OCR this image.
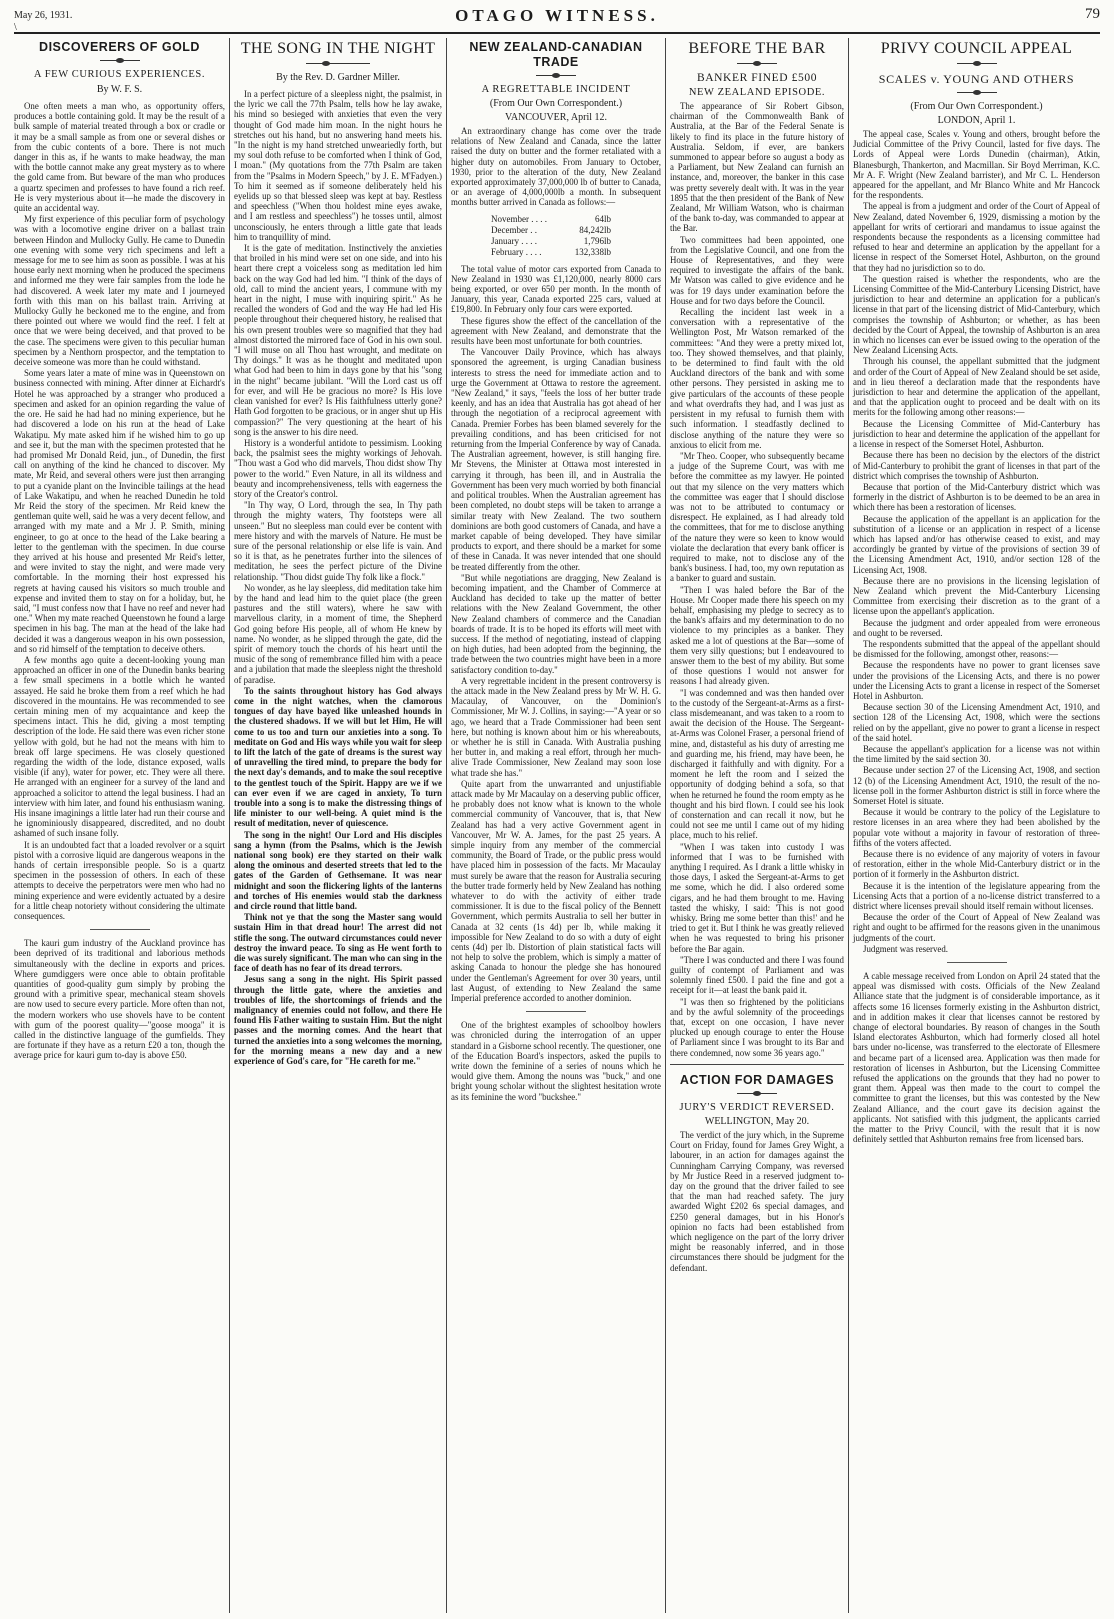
May 26, 1931.
\
OTAGO WITNESS.	79
DISCOVERERS OF GOLD
A FEW CURIOUS EXPERIENCES.
By W. F. S.

One often meets a man who, as opportunity offers, produces a bottle containing gold. It may be the result of a bulk sample of material treated through a box or cradle or it may be a small sample as from one or several dishes or from the cubic contents of a bore. There is not much danger in this as, if he wants to make headway, the man with the bottle cannot make any great mystery as to where the gold came from. But beware of the man who produces a quartz specimen and professes to have found a rich reef. He is very mysterious about it—he made the discovery in quite an accidental way.

My first experience of this peculiar form of psychology was with a locomotive engine driver on a ballast train between Hindon and Mullocky Gully. He came to Dunedin one evening with some very rich specimens and left a message for me to see him as soon as possible. I was at his house early next morning when he produced the specimens and informed me they were fair samples from the lode he had discovered. A week later my mate and I journeyed forth with this man on his ballast train. Arriving at Mullocky Gully he beckoned me to the engine, and from there pointed out where we would find the reef. I felt at once that we were being deceived, and that proved to be the case. The specimens were given to this peculiar human specimen by a Nenthorn prospector, and the temptation to deceive someone was more than he could withstand.

Some years later a mate of mine was in Queenstown on business connected with mining. After dinner at Eichardt's Hotel he was approached by a stranger who produced a specimen and asked for an opinion regarding the value of the ore. He said he had had no mining experience, but he had discovered a lode on his run at the head of Lake Wakatipu. My mate asked him if he wished him to go up and see it, but the man with the specimen protested that he had promised Mr Donald Reid, jun., of Dunedin, the first call on anything of the kind he chanced to discover. My mate, Mr Reid, and several others were just then arranging to put a cyanide plant on the Invincible tailings at the head of Lake Wakatipu, and when he reached Dunedin he told Mr Reid the story of the specimen. Mr Reid knew the gentleman quite well, said he was a very decent fellow, and arranged with my mate and a Mr J. P. Smith, mining engineer, to go at once to the head of the Lake bearing a letter to the gentleman with the specimen. In due course they arrived at his house and presented Mr Reid's letter, and were invited to stay the night, and were made very comfortable. In the morning their host expressed his regrets at having caused his visitors so much trouble and expense and invited them to stay on for a holiday, but, he said, "I must confess now that I have no reef and never had one." When my mate reached Queenstown he found a large specimen in his bag. The man at the head of the lake had decided it was a dangerous weapon in his own possession, and so rid himself of the temptation to deceive others.

A few months ago quite a decent-looking young man approached an officer in one of the Dunedin banks bearing a few small specimens in a bottle which he wanted assayed. He said he broke them from a reef which he had discovered in the mountains. He was recommended to see certain mining men of my acquaintance and keep the specimens intact. This he did, giving a most tempting description of the lode. He said there was even richer stone yellow with gold, but he had not the means with him to break off large specimens. He was closely questioned regarding the width of the lode, distance exposed, walls visible (if any), water for power, etc. They were all there. He arranged with an engineer for a survey of the land and approached a solicitor to attend the legal business. I had an interview with him later, and found his enthusiasm waning. His insane imaginings a little later had run their course and he ignominiously disappeared, discredited, and no doubt ashamed of such insane folly.

It is an undoubted fact that a loaded revolver or a squirt pistol with a corrosive liquid are dangerous weapons in the hands of certain irresponsible people. So is a quartz specimen in the possession of others. In each of these attempts to deceive the perpetrators were men who had no mining experience and were evidently actuated by a desire for a little cheap notoriety without considering the ultimate consequences.

The kauri gum industry of the Auckland province has been deprived of its traditional and laborious methods simultaneously with the decline in exports and prices. Where gumdiggers were once able to obtain profitable quantities of good-quality gum simply by probing the ground with a primitive spear, mechanical steam shovels are now used to secure every particle. More often than not, the modern workers who use shovels have to be content with gum of the poorest quality—"goose mooga" it is called in the distinctive language of the gumfields. They are fortunate if they have as a return £20 a ton, though the average price for kauri gum to-day is above £50.

THE SONG IN THE NIGHT
By the Rev. D. Gardner Miller.

In a perfect picture of a sleepless night, the psalmist, in the lyric we call the 77th Psalm, tells how he lay awake, his mind so besieged with anxieties that even the very thought of God made him moan. In the night hours he stretches out his hand, but no answering hand meets his. "In the night is my hand stretched unweariedly forth, but my soul doth refuse to be comforted when I think of God, I moan." (My quotations from the 77th Psalm are taken from the "Psalms in Modern Speech," by J. E. M'Fadyen.) To him it seemed as if someone deliberately held his eyelids up so that blessed sleep was kept at bay. Restless and speechless ("When thou holdest mine eyes awake, and I am restless and speechless") he tosses until, almost unconsciously, he enters through a little gate that leads him to tranquillity of mind.

It is the gate of meditation. Instinctively the anxieties that broiled in his mind were set on one side, and into his heart there crept a voiceless song as meditation led him back on the way God had led him. "I think of the days of old, call to mind the ancient years, I commune with my heart in the night, I muse with inquiring spirit." As he recalled the wonders of God and the way He had led His people throughout their chequered history, he realised that his own present troubles were so magnified that they had almost distorted the mirrored face of God in his own soul. "I will muse on all Thou hast wrought, and meditate on Thy doings." It was as he thought and meditated upon what God had been to him in days gone by that his "song in the night" became jubilant. "Will the Lord cast us off for ever, and will He be gracious no more? Is His love clean vanished for ever? Is His faithfulness utterly gone? Hath God forgotten to be gracious, or in anger shut up His compassion?" The very questioning at the heart of his song is the answer to his dire need.

History is a wonderful antidote to pessimism. Looking back, the psalmist sees the mighty workings of Jehovah. "Thou wast a God who did marvels, Thou didst show Thy power to the world." Even Nature, in all its wildness and beauty and incomprehensiveness, tells with eagerness the story of the Creator's control.

"In Thy way, O Lord, through the sea, In Thy path through the mighty waters, Thy footsteps were all unseen." But no sleepless man could ever be content with mere history and with the marvels of Nature. He must be sure of the personal relationship or else life is vain. And so it is that, as he penetrates further into the silences of meditation, he sees the perfect picture of the Divine relationship. "Thou didst guide Thy folk like a flock."

No wonder, as he lay sleepless, did meditation take him by the hand and lead him to the quiet place (the green pastures and the still waters), where he saw with marvellous clarity, in a moment of time, the Shepherd God going before His people, all of whom He knew by name. No wonder, as he slipped through the gate, did the spirit of memory touch the chords of his heart until the music of the song of remembrance filled him with a peace and a jubilation that made the sleepless night the threshold of paradise.

To the saints throughout history has God always come in the night watches, when the clamorous tongues of day have bayed like unleashed hounds in the clustered shadows. If we will but let Him, He will come to us too and turn our anxieties into a song. To meditate on God and His ways while you wait for sleep to lift the latch of the gate of dreams is the surest way of unravelling the tired mind, to prepare the body for the next day's demands, and to make the soul receptive to the gentlest touch of the Spirit. Happy are we if we can ever even if we are caged in anxiety, To turn trouble into a song is to make the distressing things of life minister to our well-being. A quiet mind is the result of meditation, never of quiescence.

The song in the night! Our Lord and His disciples sang a hymn (from the Psalms, which is the Jewish national song book) ere they started on their walk along the ominous and deserted streets that led to the gates of the Garden of Gethsemane. It was near midnight and soon the flickering lights of the lanterns and torches of His enemies would stab the darkness and circle round that little band.

Think not ye that the song the Master sang would sustain Him in that dread hour! The arrest did not stifle the song. The outward circumstances could never destroy the inward peace. To sing as He went forth to die was surely significant. The man who can sing in the face of death has no fear of its dread terrors.

Jesus sang a song in the night. His Spirit passed through the little gate, where the anxieties and troubles of life, the shortcomings of friends and the malignancy of enemies could not follow, and there He found His Father waiting to sustain Him. But the night passes and the morning comes. And the heart that turned the anxieties into a song welcomes the morning, for the morning means a new day and a new experience of God's care, for "He careth for me."

NEW ZEALAND-CANADIAN TRADE
A REGRETTABLE INCIDENT
(From Our Own Correspondent.)
VANCOUVER, April 12.

An extraordinary change has come over the trade relations of New Zealand and Canada, since the latter raised the duty on butter and the former retaliated with a higher duty on automobiles. From January to October, 1930, prior to the alteration of the duty, New Zealand exported approximately 37,000,000 lb of butter to Canada, or an average of 4,000,000lb a month. In subsequent months butter arrived in Canada as follows:—

November . . . .	64lb
December . .	84,242lb
January . . . .	1,796lb
February . . . .	132,338lb

The total value of motor cars exported from Canada to New Zealand in 1930 was £1,120,000, nearly 8000 cars being exported, or over 650 per month. In the month of January, this year, Canada exported 225 cars, valued at £19,800. In February only four cars were exported.

These figures show the effect of the cancellation of the agreement with New Zealand, and demonstrate that the results have been most unfortunate for both countries.

The Vancouver Daily Province, which has always sponsored the agreement, is urging Canadian business interests to stress the need for immediate action and to urge the Government at Ottawa to restore the agreement. "New Zealand," it says, "feels the loss of her butter trade keenly, and has an idea that Australia has got ahead of her through the negotiation of a reciprocal agreement with Canada. Premier Forbes has been blamed severely for the prevailing conditions, and has been criticised for not returning from the Imperial Conference by way of Canada. The Australian agreement, however, is still hanging fire. Mr Stevens, the Minister at Ottawa most interested in carrying it through, has been ill, and in Australia the Government has been very much worried by both financial and political troubles. When the Australian agreement has been completed, no doubt steps will be taken to arrange a similar treaty with New Zealand. The two southern dominions are both good customers of Canada, and have a market capable of being developed. They have similar products to export, and there should be a market for some of these in Canada. It was never intended that one should be treated differently from the other.

"But while negotiations are dragging, New Zealand is becoming impatient, and the Chamber of Commerce at Auckland has decided to take up the matter of better relations with the New Zealand Government, the other New Zealand chambers of commerce and the Canadian boards of trade. It is to be hoped its efforts will meet with success. If the method of negotiating, instead of clapping on high duties, had been adopted from the beginning, the trade between the two countries might have been in a more satisfactory condition to-day."

A very regrettable incident in the present controversy is the attack made in the New Zealand press by Mr W. H. G. Macaulay, of Vancouver, on the Dominion's Commissioner, Mr W. J. Collins, in saying:—"A year or so ago, we heard that a Trade Commissioner had been sent here, but nothing is known about him or his whereabouts, or whether he is still in Canada. With Australia pushing her butter in, and making a real effort, through her much-alive Trade Commissioner, New Zealand may soon lose what trade she has."

Quite apart from the unwarranted and unjustifiable attack made by Mr Macaulay on a deserving public officer, he probably does not know what is known to the whole commercial community of Vancouver, that is, that New Zealand has had a very active Government agent in Vancouver, Mr W. A. James, for the past 25 years. A simple inquiry from any member of the commercial community, the Board of Trade, or the public press would have placed him in possession of the facts. Mr Macaulay must surely be aware that the reason for Australia securing the butter trade formerly held by New Zealand has nothing whatever to do with the activity of either trade commissioner. It is due to the fiscal policy of the Bennett Government, which permits Australia to sell her butter in Canada at 32 cents (1s 4d) per lb, while making it impossible for New Zealand to do so with a duty of eight cents (4d) per lb. Distortion of plain statistical facts will not help to solve the problem, which is simply a matter of asking Canada to honour the pledge she has honoured under the Gentleman's Agreement for over 30 years, until last August, of extending to New Zealand the same Imperial preference accorded to another dominion.

One of the brightest examples of schoolboy howlers was chronicled during the interrogation of an upper standard in a Gisborne school recently. The questioner, one of the Education Board's inspectors, asked the pupils to write down the feminine of a series of nouns which he would give them. Among the nouns was "buck," and one bright young scholar without the slightest hesitation wrote as its feminine the word "buckshee."

BEFORE THE BAR
BANKER FINED £500
NEW ZEALAND EPISODE.

The appearance of Sir Robert Gibson, chairman of the Commonwealth Bank of Australia, at the Bar of the Federal Senate is likely to find its place in the future history of Australia. Seldom, if ever, are bankers summoned to appear before so august a body as a Parliament, but New Zealand can furnish an instance, and, moreover, the banker in this case was pretty severely dealt with. It was in the year 1895 that the then president of the Bank of New Zealand, Mr William Watson, who is chairman of the bank to-day, was commanded to appear at the Bar.

Two committees had been appointed, one from the Legislative Council, and one from the House of Representatives, and they were required to investigate the affairs of the bank. Mr Watson was called to give evidence and he was for 19 days under examination before the House and for two days before the Council.

Recalling the incident last week in a conversation with a representative of the Wellington Post, Mr Watson remarked of the committees: "And they were a pretty mixed lot, too. They showed themselves, and that plainly, to be determined to find fault with the old Auckland directors of the bank and with some other persons. They persisted in asking me to give particulars of the accounts of these people and what overdrafts they had, and I was just as persistent in my refusal to furnish them with such information. I steadfastly declined to disclose anything of the nature they were so anxious to elicit from me.

"Mr Theo. Cooper, who subsequently became a judge of the Supreme Court, was with me before the committee as my lawyer. He pointed out that my silence on the very matters which the committee was eager that I should disclose was not to be attributed to contumacy or disrespect. He explained, as I had already told the committees, that for me to disclose anything of the nature they were so keen to know would violate the declaration that every bank officer is required to make, not to disclose any of the bank's business. I had, too, my own reputation as a banker to guard and sustain.

"Then I was haled before the Bar of the House. Mr Cooper made there his speech on my behalf, emphasising my pledge to secrecy as to the bank's affairs and my determination to do no violence to my principles as a banker. They asked me a lot of questions at the Bar—some of them very silly questions; but I endeavoured to answer them to the best of my ability. But some of those questions I would not answer for reasons I had already given.

"I was condemned and was then handed over to the custody of the Sergeant-at-Arms as a first-class misdemeanant, and was taken to a room to await the decision of the House. The Sergeant-at-Arms was Colonel Fraser, a personal friend of mine, and, distasteful as his duty of arresting me and guarding me, his friend, may have been, he discharged it faithfully and with dignity. For a moment he left the room and I seized the opportunity of dodging behind a sofa, so that when he returned he found the room empty as he thought and his bird flown. I could see his look of consternation and can recall it now, but he could not see me until I came out of my hiding place, much to his relief.

"When I was taken into custody I was informed that I was to be furnished with anything I required. As I drank a little whisky in those days, I asked the Sergeant-at-Arms to get me some, which he did. I also ordered some cigars, and he had them brought to me. Having tasted the whisky, I said: 'This is not good whisky. Bring me some better than this!' and he tried to get it. But I think he was greatly relieved when he was requested to bring his prisoner before the Bar again.

"There I was conducted and there I was found guilty of contempt of Parliament and was solemnly fined £500. I paid the fine and got a receipt for it—at least the bank paid it.

"I was then so frightened by the politicians and by the awful solemnity of the proceedings that, except on one occasion, I have never plucked up enough courage to enter the House of Parliament since I was brought to its Bar and there condemned, now some 36 years ago."

ACTION FOR DAMAGES
JURY'S VERDICT REVERSED.
WELLINGTON, May 20.

The verdict of the jury which, in the Supreme Court on Friday, found for James Grey Wight, a labourer, in an action for damages against the Cunningham Carrying Company, was reversed by Mr Justice Reed in a reserved judgment to-day on the ground that the driver failed to see that the man had reached safety. The jury awarded Wight £202 6s special damages, and £250 general damages, but in his Honor's opinion no facts had been established from which negligence on the part of the lorry driver might be reasonably inferred, and in those circumstances there should be judgment for the defendant.

PRIVY COUNCIL APPEAL
SCALES v. YOUNG AND OTHERS
(From Our Own Correspondent.)
LONDON, April 1.

The appeal case, Scales v. Young and others, brought before the Judicial Committee of the Privy Council, lasted for five days. The Lords of Appeal were Lords Dunedin (chairman), Atkin, Blanesburgh, Thankerton, and Macmillan. Sir Boyd Merriman, K.C. Mr A. F. Wright (New Zealand barrister), and Mr C. L. Henderson appeared for the appellant, and Mr Blanco White and Mr Hancock for the respondents.

The appeal is from a judgment and order of the Court of Appeal of New Zealand, dated November 6, 1929, dismissing a motion by the appellant for writs of certiorari and mandamus to issue against the respondents because the respondents as a licensing committee had refused to hear and determine an application by the appellant for a license in respect of the Somerset Hotel, Ashburton, on the ground that they had no jurisdiction so to do.

The question raised is whether the respondents, who are the Licensing Committee of the Mid-Canterbury Licensing District, have jurisdiction to hear and determine an application for a publican's license in that part of the licensing district of Mid-Canterbury, which comprises the township of Ashburton; or whether, as has been decided by the Court of Appeal, the township of Ashburton is an area in which no licenses can ever be issued owing to the operation of the New Zealand Licensing Acts.

Through his counsel, the appellant submitted that the judgment and order of the Court of Appeal of New Zealand should be set aside, and in lieu thereof a declaration made that the respondents have jurisdiction to hear and determine the application of the appellant, and that the application ought to proceed and be dealt with on its merits for the following among other reasons:—

Because the Licensing Committee of Mid-Canterbury has jurisdiction to hear and determine the application of the appellant for a license in respect of the Somerset Hotel, Ashburton.

Because there has been no decision by the electors of the district of Mid-Canterbury to prohibit the grant of licenses in that part of the district which comprises the township of Ashburton.

Because that portion of the Mid-Canterbury district which was formerly in the district of Ashburton is to be deemed to be an area in which there has been a restoration of licenses.

Because the application of the appellant is an application for the substitution of a license or an application in respect of a license which has lapsed and/or has otherwise ceased to exist, and may accordingly be granted by virtue of the provisions of section 39 of the Licensing Amendment Act, 1910, and/or section 128 of the Licensing Act, 1908.

Because there are no provisions in the licensing legislation of New Zealand which prevent the Mid-Canterbury Licensing Committee from exercising their discretion as to the grant of a license upon the appellant's application.

Because the judgment and order appealed from were erroneous and ought to be reversed.

The respondents submitted that the appeal of the appellant should be dismissed for the following, amongst other, reasons:—

Because the respondents have no power to grant licenses save under the provisions of the Licensing Acts, and there is no power under the Licensing Acts to grant a license in respect of the Somerset Hotel in Ashburton.

Because section 30 of the Licensing Amendment Act, 1910, and section 128 of the Licensing Act, 1908, which were the sections relied on by the appellant, give no power to grant a license in respect of the said hotel.

Because the appellant's application for a license was not within the time limited by the said section 30.

Because under section 27 of the Licensing Act, 1908, and section 12 (b) of the Licensing Amendment Act, 1910, the result of the no-license poll in the former Ashburton district is still in force where the Somerset Hotel is situate.

Because it would be contrary to the policy of the Legislature to restore licenses in an area where they had been abolished by the popular vote without a majority in favour of restoration of three-fifths of the voters affected.

Because there is no evidence of any majority of voters in favour of restoration, either in the whole Mid-Canterbury district or in the portion of it formerly in the Ashburton district.

Because it is the intention of the legislature appearing from the Licensing Acts that a portion of a no-license district transferred to a district where licenses prevail should itself remain without licenses.

Because the order of the Court of Appeal of New Zealand was right and ought to be affirmed for the reasons given in the unanimous judgments of the court.

Judgment was reserved.

A cable message received from London on April 24 stated that the appeal was dismissed with costs. Officials of the New Zealand Alliance state that the judgment is of considerable importance, as it affects some 16 licenses formerly existing in the Ashburton district, and in addition makes it clear that licenses cannot be restored by change of electoral boundaries. By reason of changes in the South Island electorates Ashburton, which had formerly closed all hotel bars under no-license, was transferred to the electorate of Ellesmere and became part of a licensed area. Application was then made for restoration of licenses in Ashburton, but the Licensing Committee refused the applications on the grounds that they had no power to grant them. Appeal was then made to the court to compel the committee to grant the licenses, but this was contested by the New Zealand Alliance, and the court gave its decision against the applicants. Not satisfied with this judgment, the applicants carried the matter to the Privy Council, with the result that it is now definitely settled that Ashburton remains free from licensed bars.
